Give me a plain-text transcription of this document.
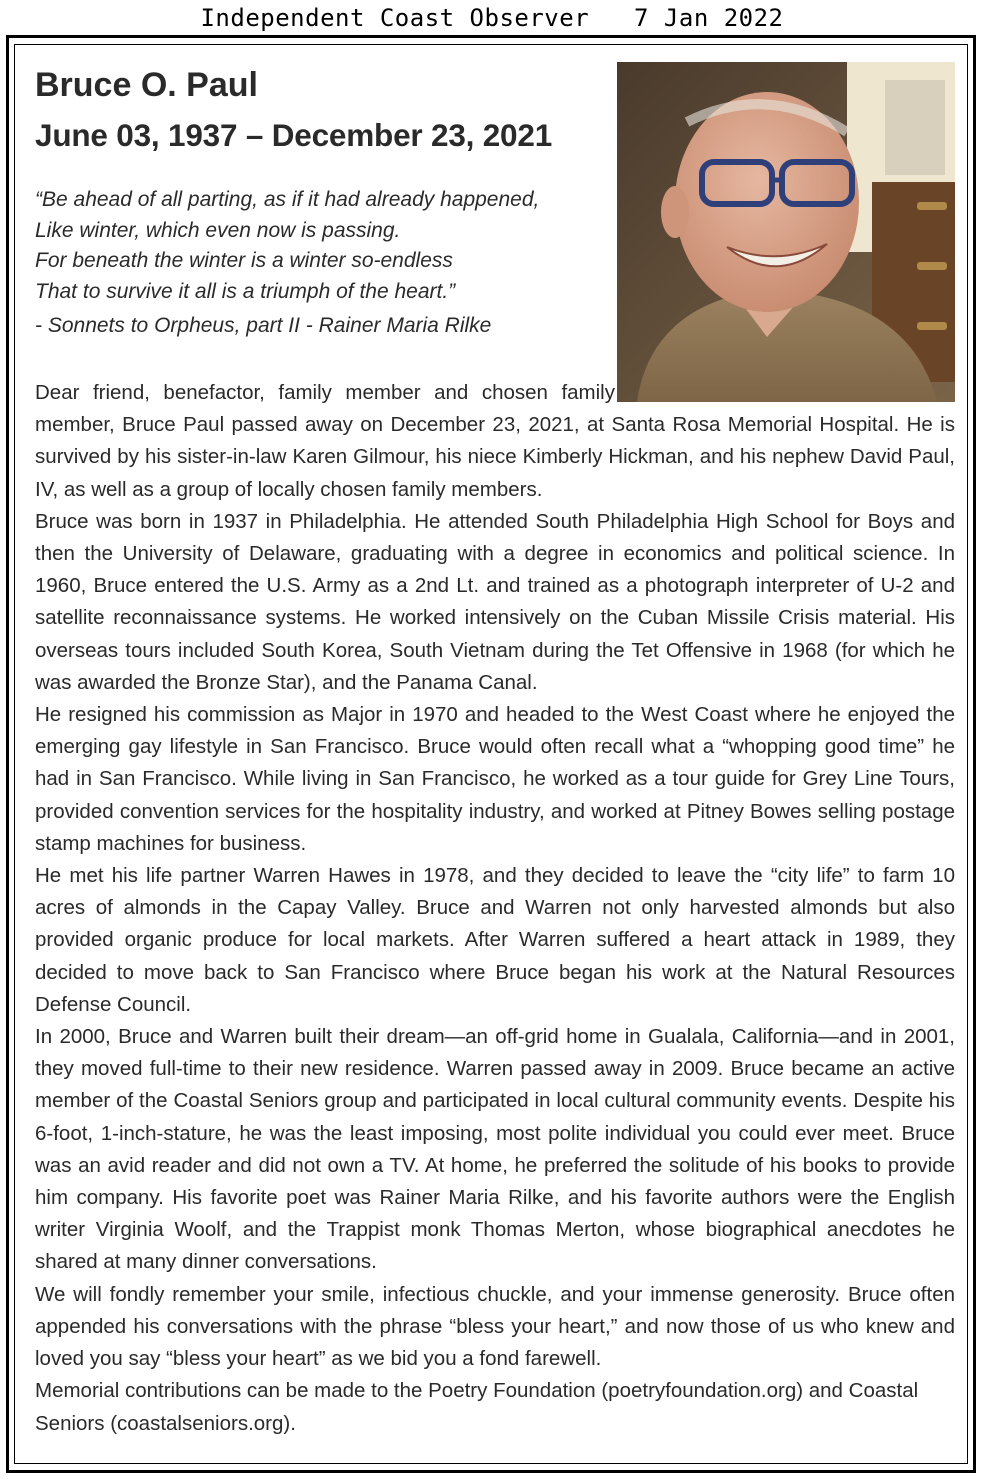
Independent Coast Observer 7 Jan 2022
Bruce O. Paul
June 03, 1937 – December 23, 2021
“Be ahead of all parting, as if it had already happened,
Like winter, which even now is passing.
For beneath the winter is a winter so-endless
That to survive it all is a triumph of the heart.”
- Sonnets to Orpheus, part II - Rainer Maria Rilke

Dear friend, benefactor, family member and chosen family member, Bruce Paul passed away on December 23, 2021, at Santa Rosa Memorial Hospital. He is survived by his sister-in-law Karen Gilmour, his niece Kimberly Hickman, and his nephew David Paul, IV, as well as a group of locally chosen family members.

Bruce was born in 1937 in Philadelphia. He attended South Philadelphia High School for Boys and then the University of Delaware, graduating with a degree in economics and political science. In 1960, Bruce entered the U.S. Army as a 2nd Lt. and trained as a photograph interpreter of U-2 and satellite reconnaissance systems. He worked intensively on the Cuban Missile Crisis material. His overseas tours included South Korea, South Vietnam during the Tet Offensive in 1968 (for which he was awarded the Bronze Star), and the Panama Canal.

He resigned his commission as Major in 1970 and headed to the West Coast where he enjoyed the emerging gay lifestyle in San Francisco. Bruce would often recall what a “whopping good time” he had in San Francisco. While living in San Francisco, he worked as a tour guide for Grey Line Tours, provided convention services for the hospitality industry, and worked at Pitney Bowes selling postage stamp machines for business.

He met his life partner Warren Hawes in 1978, and they decided to leave the “city life” to farm 10 acres of almonds in the Capay Valley. Bruce and Warren not only harvested almonds but also provided organic produce for local markets. After Warren suffered a heart attack in 1989, they decided to move back to San Francisco where Bruce began his work at the Natural Resources Defense Council.

In 2000, Bruce and Warren built their dream—an off-grid home in Gualala, California—and in 2001, they moved full-time to their new residence. Warren passed away in 2009. Bruce became an active member of the Coastal Seniors group and participated in local cultural community events. Despite his 6-foot, 1-inch-stature, he was the least imposing, most polite individual you could ever meet. Bruce was an avid reader and did not own a TV. At home, he preferred the solitude of his books to provide him company. His favorite poet was Rainer Maria Rilke, and his favorite authors were the English writer Virginia Woolf, and the Trappist monk Thomas Merton, whose biographical anecdotes he shared at many dinner conversations.

We will fondly remember your smile, infectious chuckle, and your immense generosity. Bruce often appended his conversations with the phrase “bless your heart,” and now those of us who knew and loved you say “bless your heart” as we bid you a fond farewell.

Memorial contributions can be made to the Poetry Foundation (poetryfoundation.org) and Coastal Seniors (coastalseniors.org).
